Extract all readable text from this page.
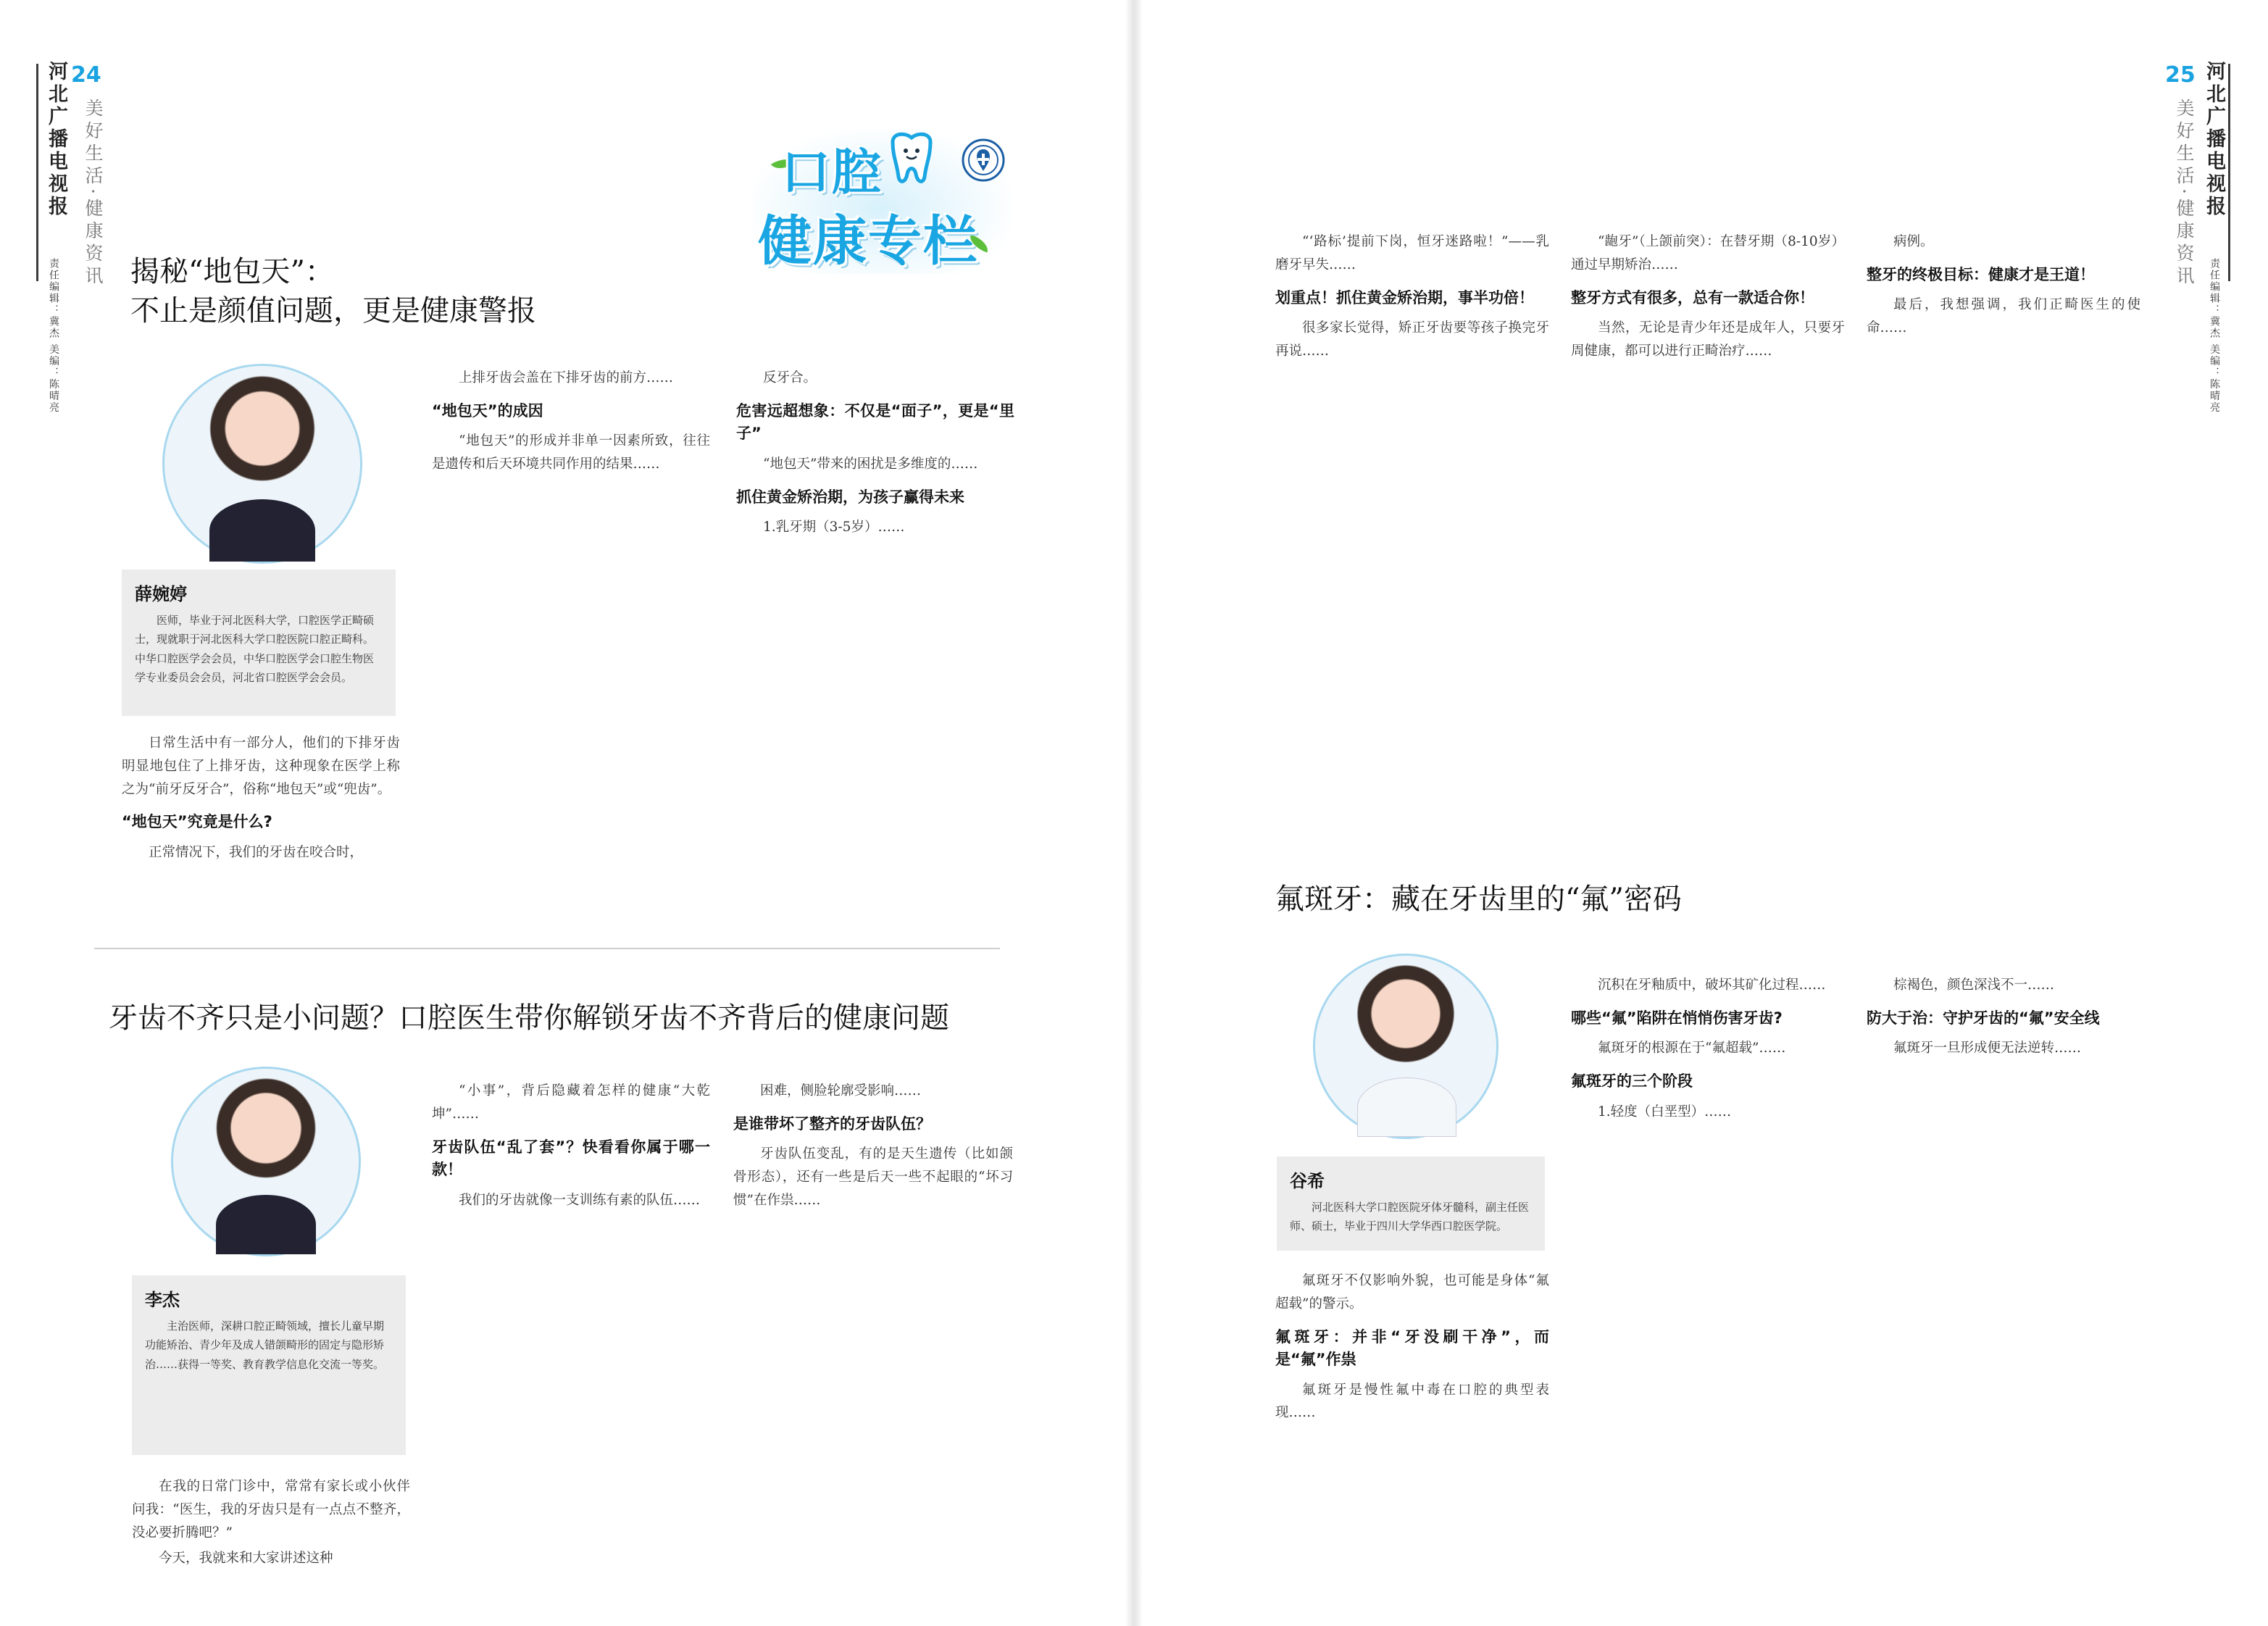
河北广播电视报 24
美好生活·健康资讯
责任编辑：冀杰 美编：陈晴亮
河北广播电视报
25
美好生活·健康资讯
责任编辑：冀杰 美编：陈晴亮
口腔
健康专栏
揭秘“地包天”：
不止是颜值问题，更是健康警报

薛婉婷

医师，毕业于河北医科大学，口腔医学正畸硕士，现就职于河北医科大学口腔医院口腔正畸科。中华口腔医学会会员，中华口腔医学会口腔生物医学专业委员会会员，河北省口腔医学会会员。

日常生活中有一部分人，他们的下排牙齿明显地包住了上排牙齿，这种现象在医学上称之为“前牙反牙合”，俗称“地包天”或“兜齿”。

“地包天”究竟是什么?

正常情况下，我们的牙齿在咬合时，

上排牙齿会盖在下排牙齿的前方……

“地包天”的成因

“地包天”的形成并非单一因素所致，往往是遗传和后天环境共同作用的结果……

反牙合。

危害远超想象：不仅是“面子”，更是“里子”

“地包天”带来的困扰是多维度的……

抓住黄金矫治期，为孩子赢得未来

1.乳牙期（3-5岁）……

牙齿不齐只是小问题？口腔医生带你解锁牙齿不齐背后的健康问题

李杰

主治医师，深耕口腔正畸领域，擅长儿童早期功能矫治、青少年及成人错颌畸形的固定与隐形矫治……获得一等奖、教育教学信息化交流一等奖。

在我的日常门诊中，常常有家长或小伙伴问我：“医生，我的牙齿只是有一点点不整齐，没必要折腾吧？”

今天，我就来和大家讲述这种

“小事”，背后隐藏着怎样的健康“大乾坤”……

牙齿队伍“乱了套”？快看看你属于哪一款！

我们的牙齿就像一支训练有素的队伍……

困难，侧脸轮廓受影响……

是谁带坏了整齐的牙齿队伍？

牙齿队伍变乱，有的是天生遗传（比如颌骨形态），还有一些是后天一些不起眼的“坏习惯”在作祟……

“‘路标’提前下岗，恒牙迷路啦！”——乳磨牙早失……

划重点！抓住黄金矫治期，事半功倍！

很多家长觉得，矫正牙齿要等孩子换完牙再说……

“龅牙”（上颌前突）：在替牙期（8-10岁）通过早期矫治……

整牙方式有很多，总有一款适合你！

当然，无论是青少年还是成年人，只要牙周健康，都可以进行正畸治疗……

病例。

整牙的终极目标：健康才是王道！

最后，我想强调，我们正畸医生的使命……

氟斑牙：藏在牙齿里的“氟”密码

谷希

河北医科大学口腔医院牙体牙髓科，副主任医师、硕士，毕业于四川大学华西口腔医学院。

氟斑牙不仅影响外貌，也可能是身体“氟超载”的警示。

氟斑牙：并非“牙没刷干净”，而是“氟”作祟

氟斑牙是慢性氟中毒在口腔的典型表现……

沉积在牙釉质中，破坏其矿化过程……

哪些“氟”陷阱在悄悄伤害牙齿?

氟斑牙的根源在于“氟超载”……

氟斑牙的三个阶段

1.轻度（白垩型）……

棕褐色，颜色深浅不一……

防大于治：守护牙齿的“氟”安全线

氟斑牙一旦形成便无法逆转……
